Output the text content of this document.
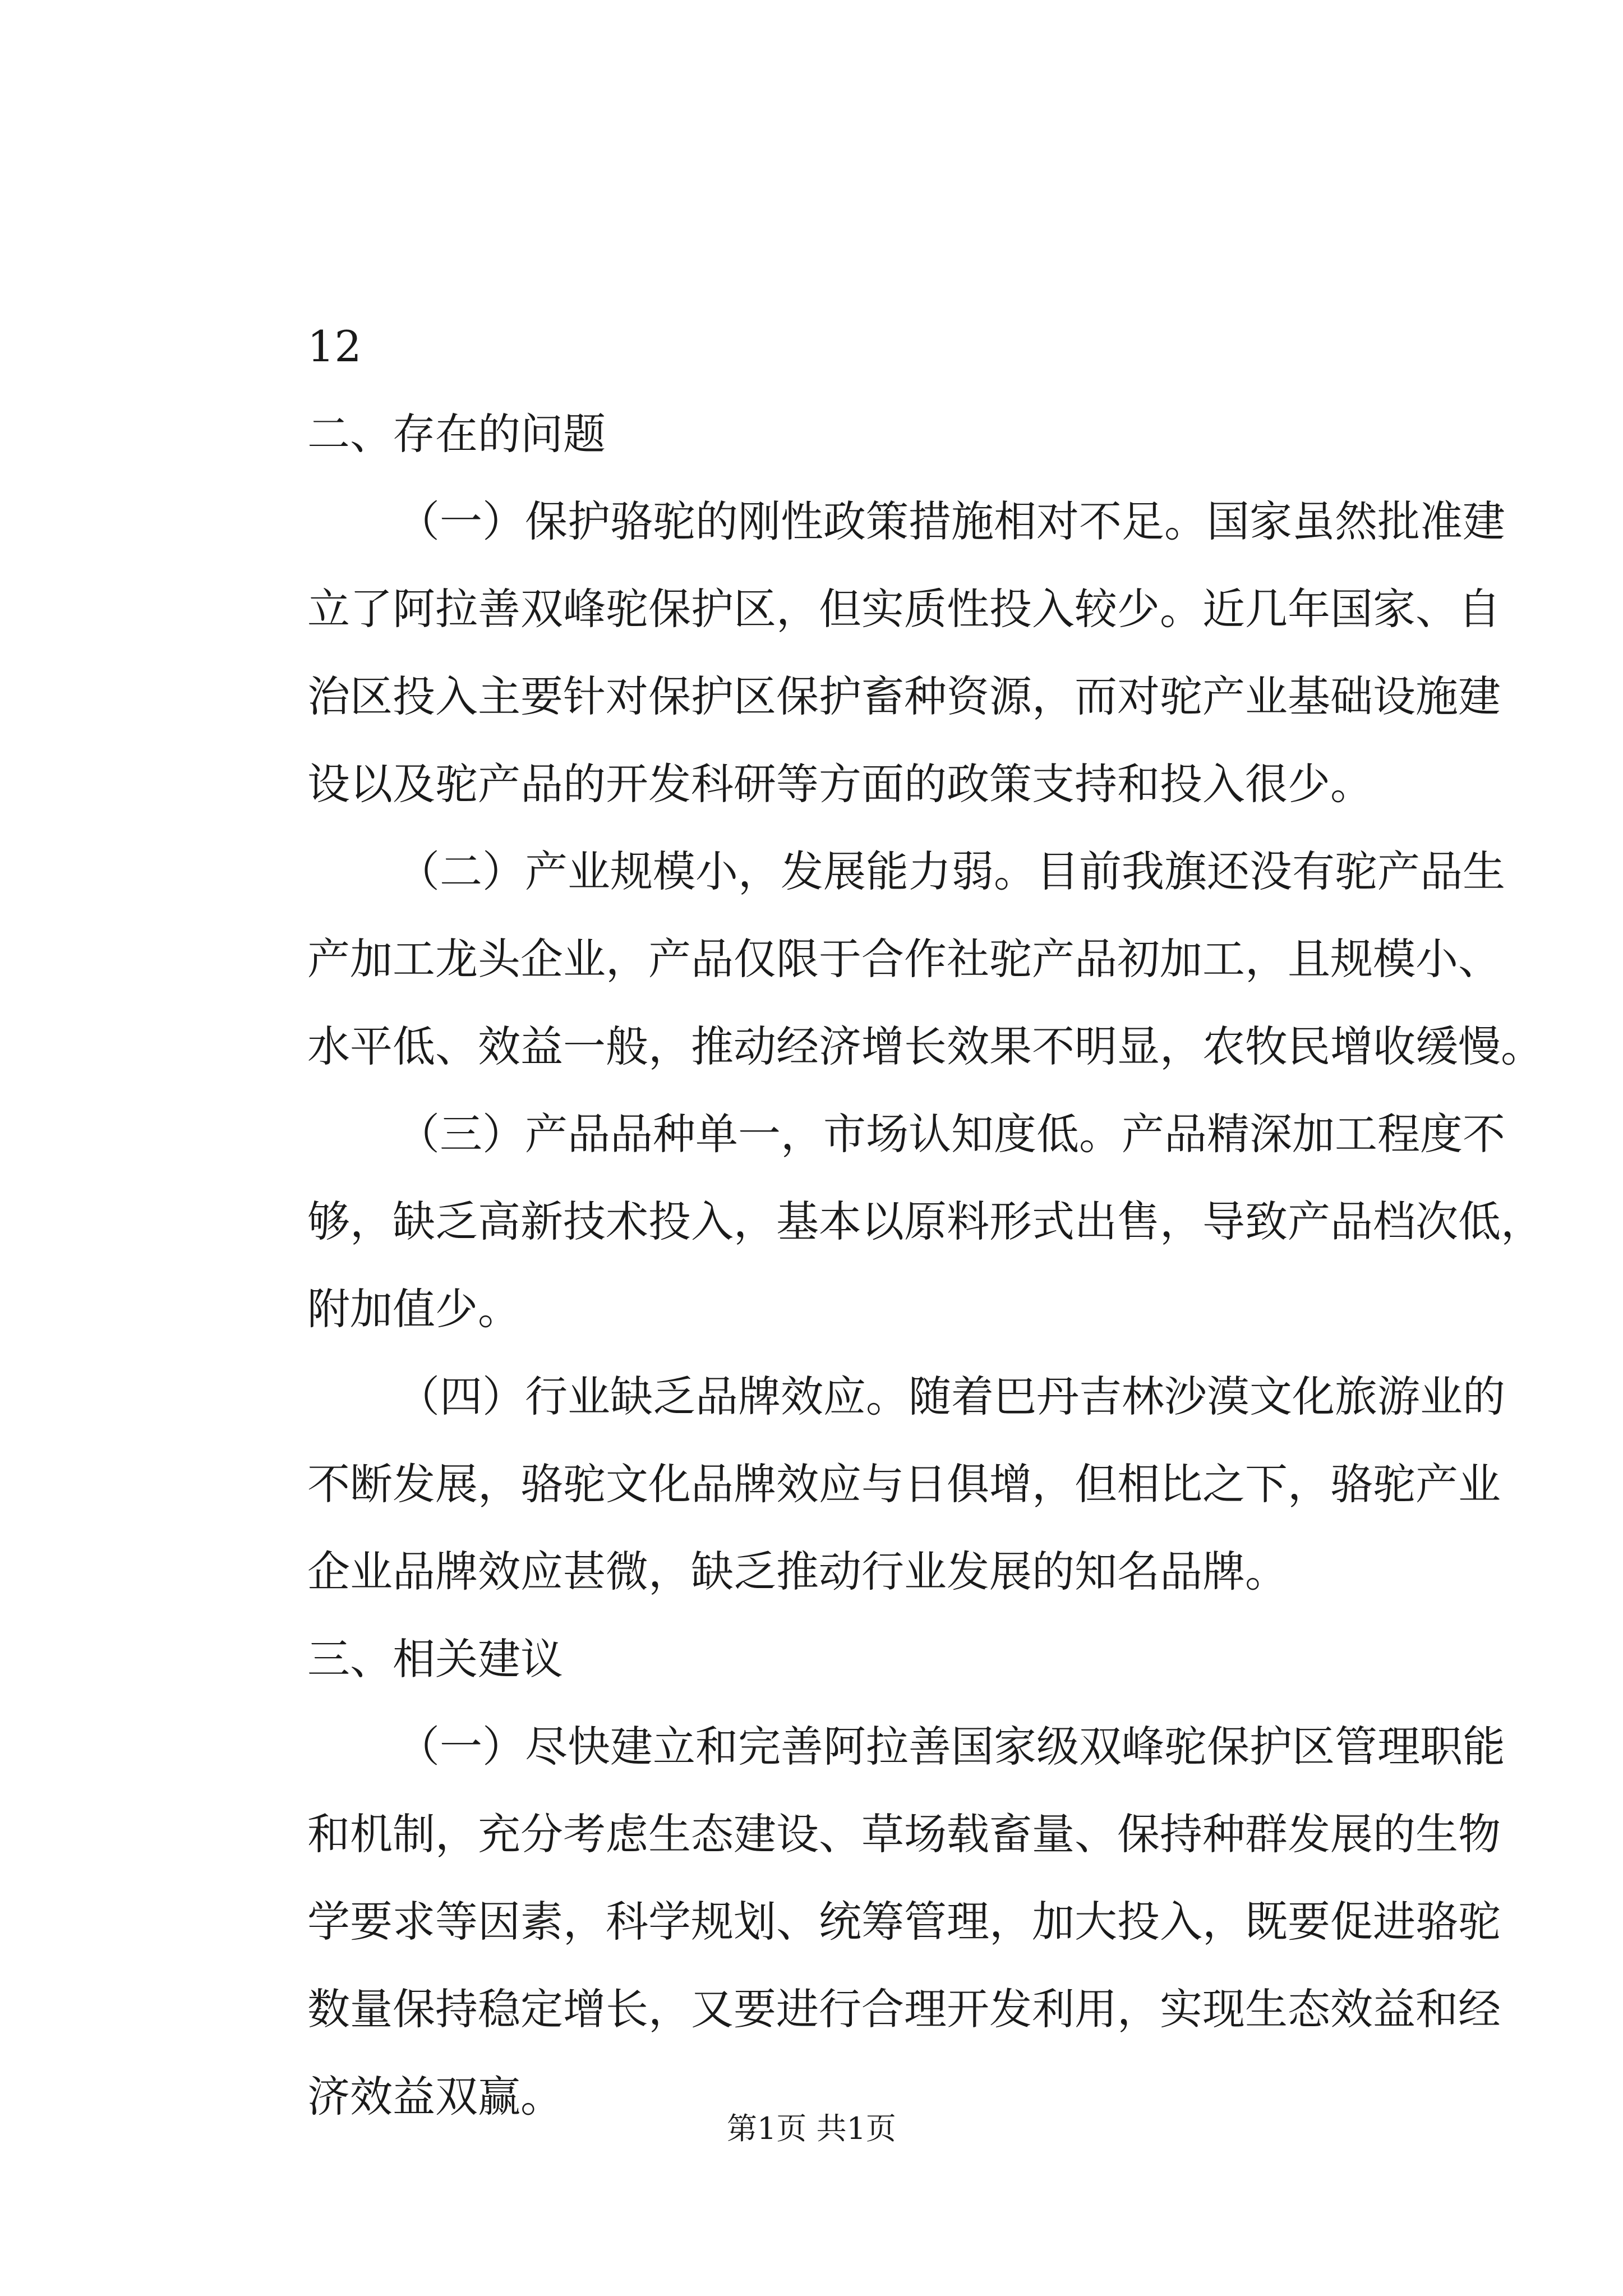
12
二、存在的问题
（一）保护骆驼的刚性政策措施相对不足。国家虽然批准建
立了阿拉善双峰驼保护区，但实质性投入较少。近几年国家、自
治区投入主要针对保护区保护畜种资源，而对驼产业基础设施建
设以及驼产品的开发科研等方面的政策支持和投入很少。
（二）产业规模小，发展能力弱。目前我旗还没有驼产品生
产加工龙头企业，产品仅限于合作社驼产品初加工，且规模小、
水平低、效益一般，推动经济增长效果不明显，农牧民增收缓慢。
（三）产品品种单一，市场认知度低。产品精深加工程度不
够，缺乏高新技术投入，基本以原料形式出售，导致产品档次低，
附加值少。
（四）行业缺乏品牌效应。随着巴丹吉林沙漠文化旅游业的
不断发展，骆驼文化品牌效应与日俱增，但相比之下，骆驼产业
企业品牌效应甚微，缺乏推动行业发展的知名品牌。
三、相关建议
（一）尽快建立和完善阿拉善国家级双峰驼保护区管理职能
和机制，充分考虑生态建设、草场载畜量、保持种群发展的生物
学要求等因素，科学规划、统筹管理，加大投入，既要促进骆驼
数量保持稳定增长，又要进行合理开发利用，实现生态效益和经
济效益双赢。
第1页 共1页
